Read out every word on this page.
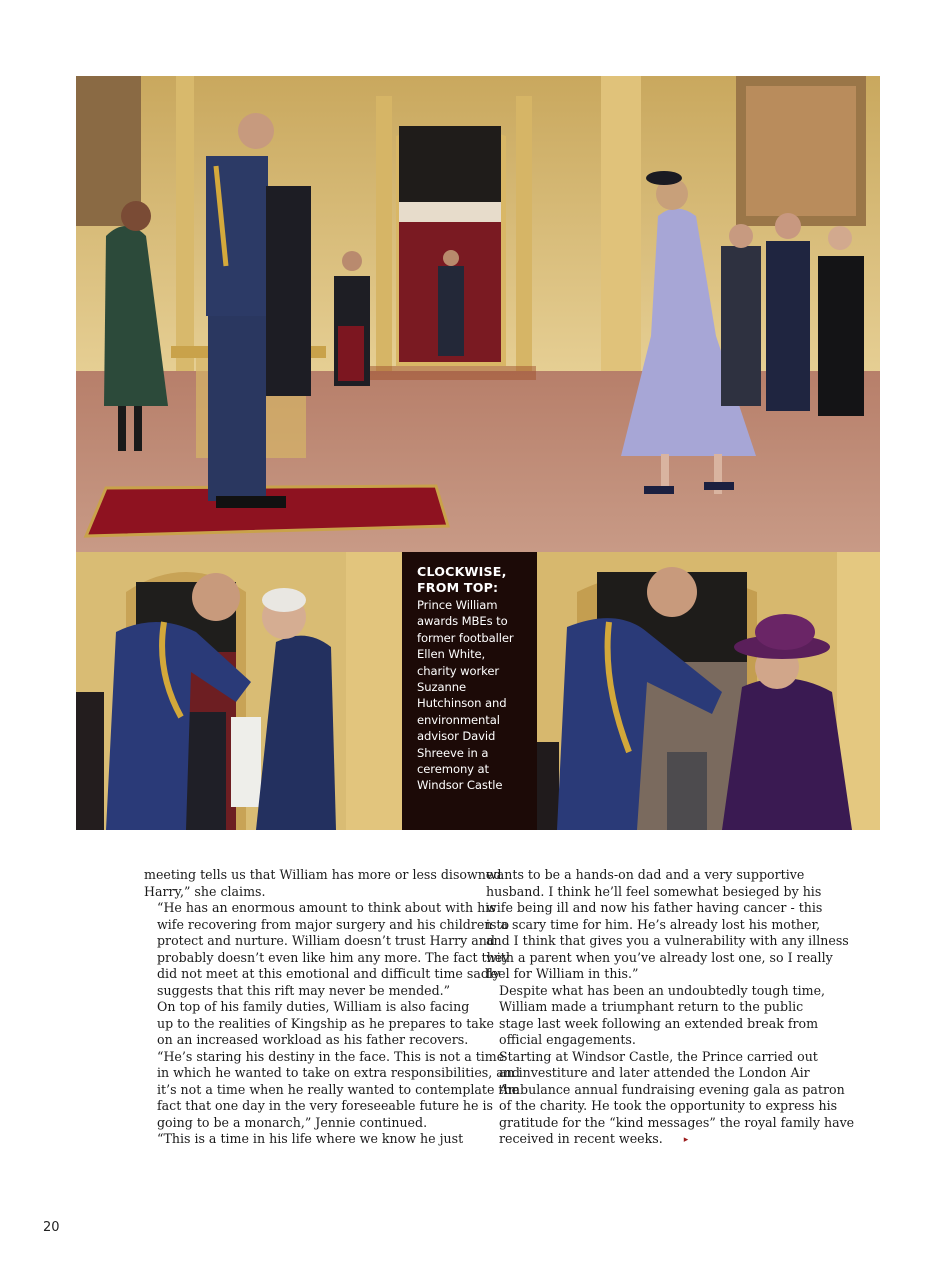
CLOCKWISE,
FROM TOP:
Prince William awards MBEs to former footballer Ellen White, charity worker Suzanne Hutchinson and environmental advisor David Shreeve in a ceremony at Windsor Castle

meeting tells us that William has more or less disowned
Harry,” she claims.

“He has an enormous amount to think about with his
wife recovering from major surgery and his children to
protect and nurture. William doesn’t trust Harry and
probably doesn’t even like him any more. The fact they
did not meet at this emotional and difficult time sadly
suggests that this rift may never be mended.”

On top of his family duties, William is also facing
up to the realities of Kingship as he prepares to take
on an increased workload as his father recovers.

“He’s staring his destiny in the face. This is not a time
in which he wanted to take on extra responsibilities, and
it’s not a time when he really wanted to contemplate the
fact that one day in the very foreseeable future he is
going to be a monarch,” Jennie continued.

“This is a time in his life where we know he just

wants to be a hands-on dad and a very supportive
husband. I think he’ll feel somewhat besieged by his
wife being ill and now his father having cancer - this
is a scary time for him. He’s already lost his mother,
and I think that gives you a vulnerability with any illness
with a parent when you’ve already lost one, so I really
feel for William in this.”

Despite what has been an undoubtedly tough time,
William made a triumphant return to the public
stage last week following an extended break from
official engagements.

Starting at Windsor Castle, the Prince carried out
an investiture and later attended the London Air
Ambulance annual fundraising evening gala as patron
of the charity. He took the opportunity to express his
gratitude for the “kind messages” the royal family have
received in recent weeks. ▸

20
